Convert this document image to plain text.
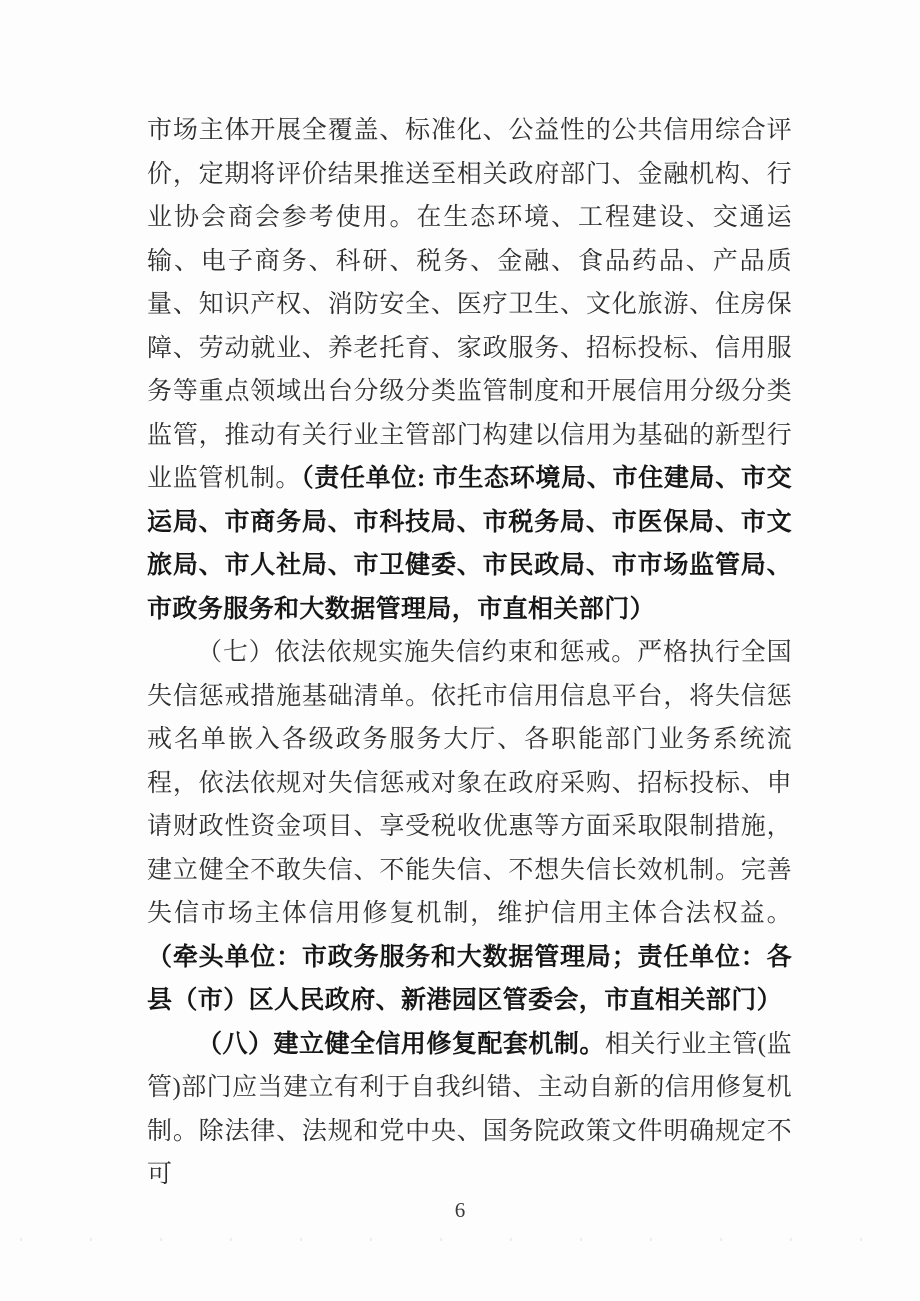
市场主体开展全覆盖、标准化、公益性的公共信用综合评价，定期将评价结果推送至相关政府部门、金融机构、行业协会商会参考使用。在生态环境、工程建设、交通运输、电子商务、科研、税务、金融、食品药品、产品质量、知识产权、消防安全、医疗卫生、文化旅游、住房保障、劳动就业、养老托育、家政服务、招标投标、信用服务等重点领域出台分级分类监管制度和开展信用分级分类监管，推动有关行业主管部门构建以信用为基础的新型行业监管机制。（责任单位: 市生态环境局、市住建局、市交运局、市商务局、市科技局、市税务局、市医保局、市文旅局、市人社局、市卫健委、市民政局、市市场监管局、市政务服务和大数据管理局，市直相关部门）

（七）依法依规实施失信约束和惩戒。严格执行全国失信惩戒措施基础清单。依托市信用信息平台，将失信惩戒名单嵌入各级政务服务大厅、各职能部门业务系统流程，依法依规对失信惩戒对象在政府采购、招标投标、申请财政性资金项目、享受税收优惠等方面采取限制措施，建立健全不敢失信、不能失信、不想失信长效机制。完善失信市场主体信用修复机制，维护信用主体合法权益。（牵头单位：市政务服务和大数据管理局；责任单位：各县（市）区人民政府、新港园区管委会，市直相关部门）

（八）建立健全信用修复配套机制。相关行业主管(监管)部门应当建立有利于自我纠错、主动自新的信用修复机制。除法律、法规和党中央、国务院政策文件明确规定不可

6
